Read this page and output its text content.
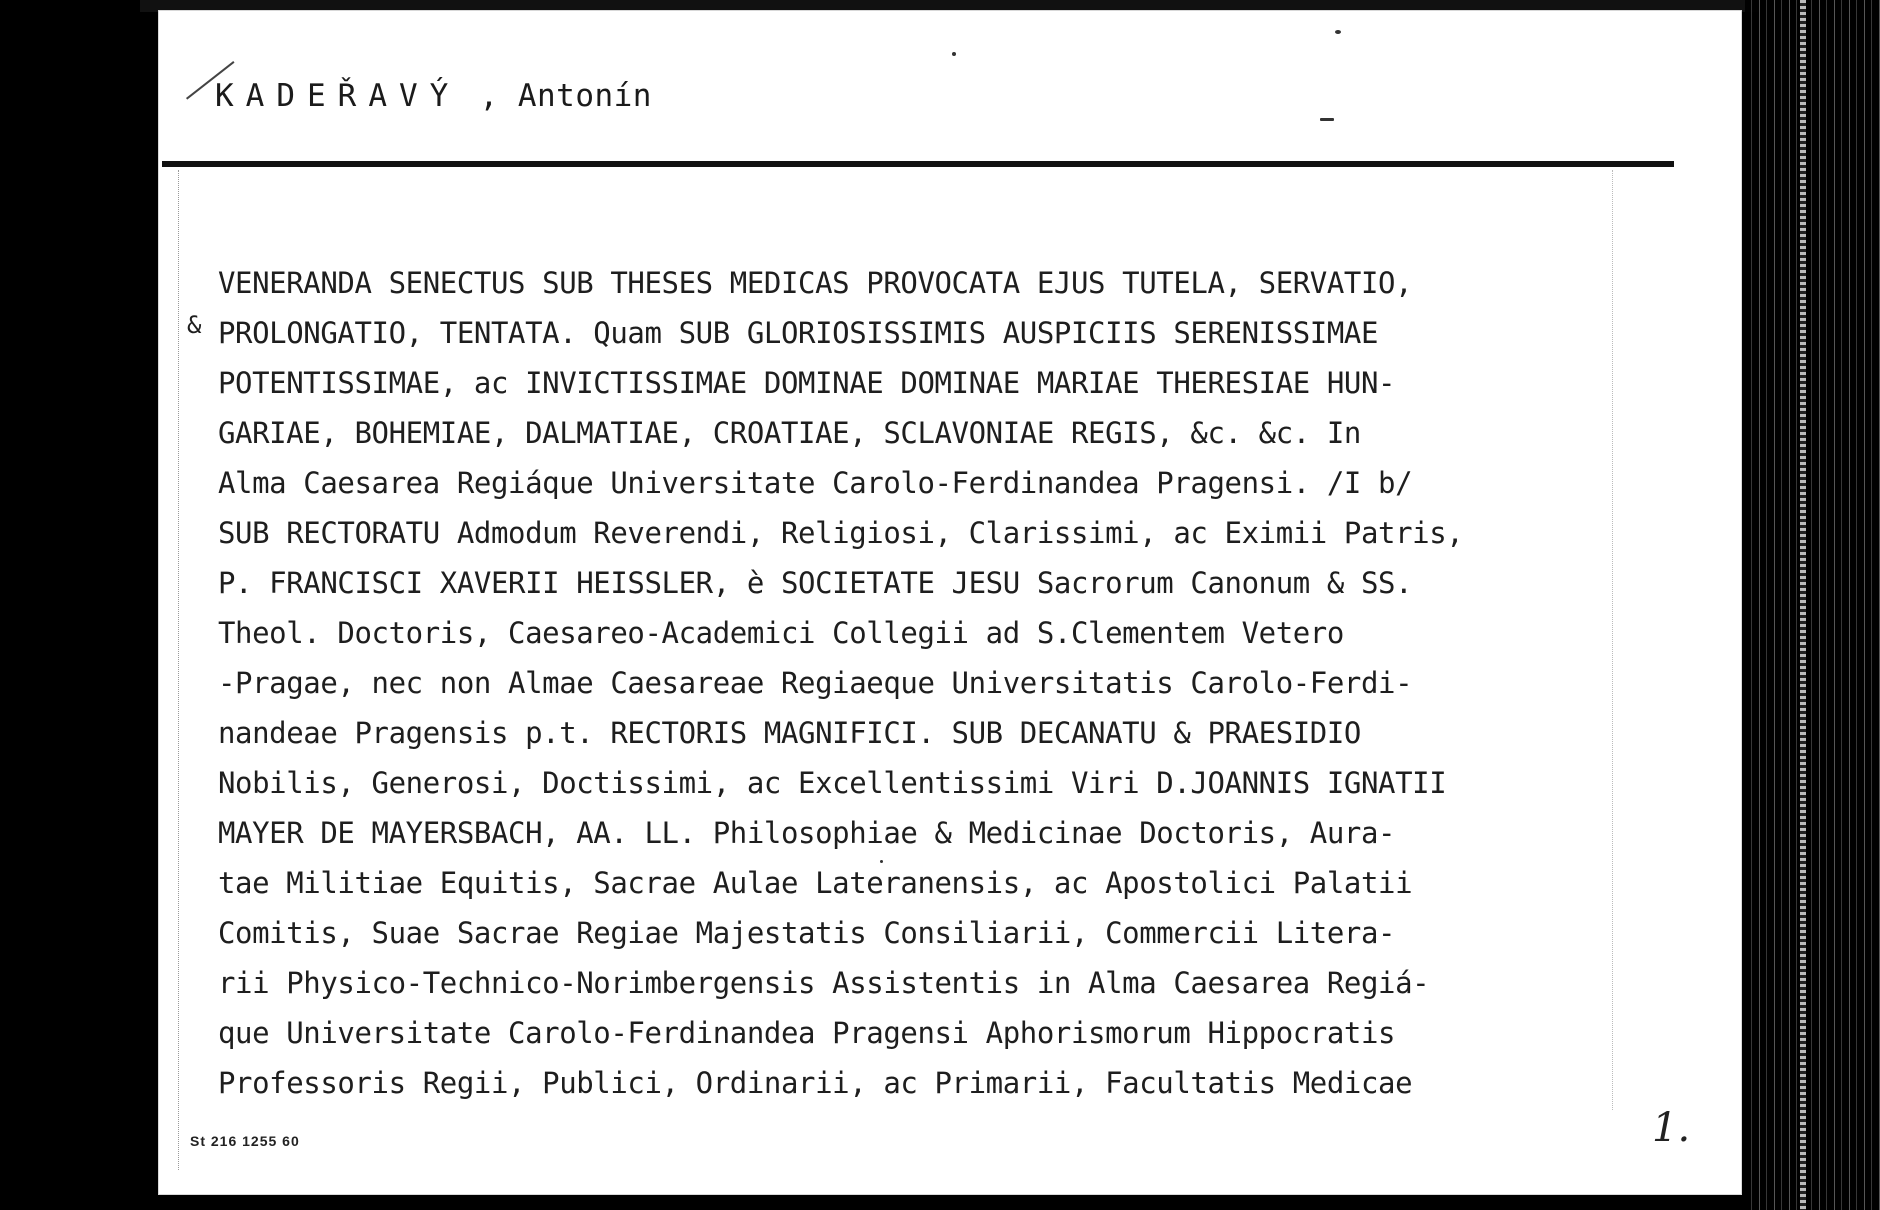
KADEŘAVÝ , Antonín
&
VENERANDA SENECTUS SUB THESES MEDICAS PROVOCATA EJUS TUTELA, SERVATIO,
PROLONGATIO, TENTATA. Quam SUB GLORIOSISSIMIS AUSPICIIS SERENISSIMAE
POTENTISSIMAE, ac INVICTISSIMAE DOMINAE DOMINAE MARIAE THERESIAE HUN-
GARIAE, BOHEMIAE, DALMATIAE, CROATIAE, SCLAVONIAE REGIS, &c. &c. In
Alma Caesarea Regiáque Universitate Carolo-Ferdinandea Pragensi. /I b/
SUB RECTORATU Admodum Reverendi, Religiosi, Clarissimi, ac Eximii Patris,
P. FRANCISCI XAVERII HEISSLER, è SOCIETATE JESU Sacrorum Canonum & SS.
Theol. Doctoris, Caesareo-Academici Collegii ad S.Clementem Vetero
-Pragae, nec non Almae Caesareae Regiaeque Universitatis Carolo-Ferdi-
nandeae Pragensis p.t. RECTORIS MAGNIFICI. SUB DECANATU & PRAESIDIO
Nobilis, Generosi, Doctissimi, ac Excellentissimi Viri D.JOANNIS IGNATII
MAYER DE MAYERSBACH, AA. LL. Philosophiae & Medicinae Doctoris, Aura-
tae Militiae Equitis, Sacrae Aulae Lateranensis, ac Apostolici Palatii
Comitis, Suae Sacrae Regiae Majestatis Consiliarii, Commercii Litera-
rii Physico-Technico-Norimbergensis Assistentis in Alma Caesarea Regiá-
que Universitate Carolo-Ferdinandea Pragensi Aphorismorum Hippocratis
Professoris Regii, Publici, Ordinarii, ac Primarii, Facultatis Medicae
St 216 1255 60	1.
